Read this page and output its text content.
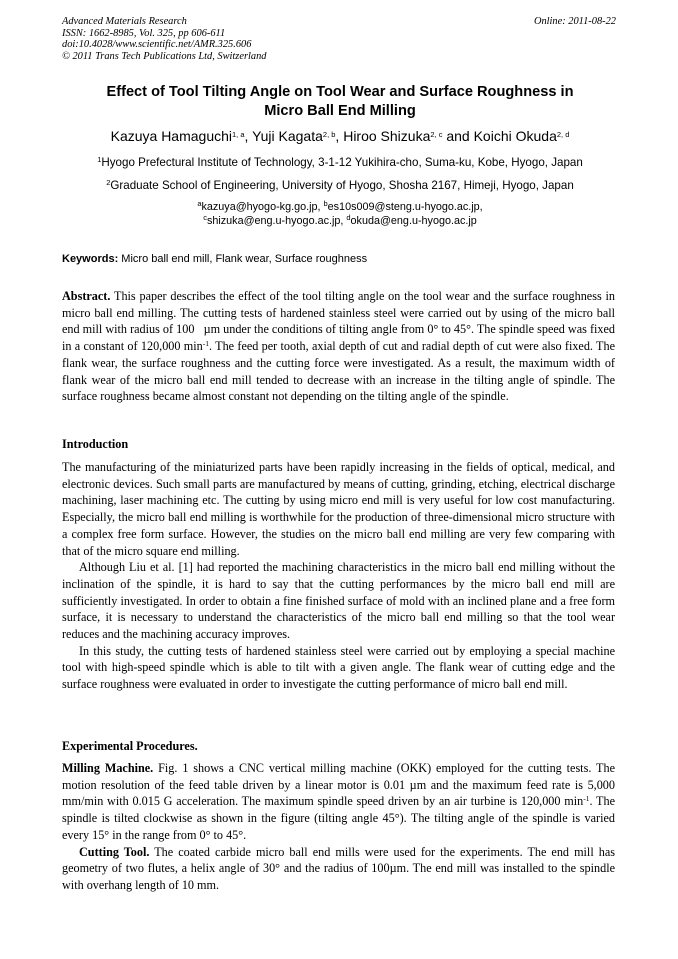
Advanced Materials Research
ISSN: 1662-8985, Vol. 325, pp 606-611
doi:10.4028/www.scientific.net/AMR.325.606
© 2011 Trans Tech Publications Ltd, Switzerland
Online: 2011-08-22
Effect of Tool Tilting Angle on Tool Wear and Surface Roughness in
Micro Ball End Milling
Kazuya Hamaguchi$^{1, a}$, Yuji Kagata$^{2, b}$, Hiroo Shizuka$^{2, c}$ and Koichi Okuda$^{2, d}$
$^1$Hyogo Prefectural Institute of Technology, 3-1-12 Yukihira-cho, Suma-ku, Kobe, Hyogo, Japan
$^2$Graduate School of Engineering, University of Hyogo, Shosha 2167, Himeji, Hyogo, Japan
$^a$kazuya@hyogo-kg.go.jp, $^b$es10s009@steng.u-hyogo.ac.jp,
$^c$shizuka@eng.u-hyogo.ac.jp, $^d$okuda@eng.u-hyogo.ac.jp
Keywords: Micro ball end mill, Flank wear, Surface roughness

Abstract. This paper describes the effect of the tool tilting angle on the tool wear and the surface roughness in micro ball end milling. The cutting tests of hardened stainless steel were carried out by using of the micro ball end mill with radius of 100   µm under the conditions of tilting angle from 0° to 45°. The spindle speed was fixed in a constant of 120,000 $\min^{-1}$. The feed per tooth, axial depth of cut and radial depth of cut were also fixed. The flank wear, the surface roughness and the cutting force were investigated. As a result, the maximum width of flank wear of the micro ball end mill tended to decrease with an increase in the tilting angle of spindle. The surface roughness became almost constant not depending on the tilting angle of the spindle.

Introduction

The manufacturing of the miniaturized parts have been rapidly increasing in the fields of optical, medical, and electronic devices. Such small parts are manufactured by means of cutting, grinding, etching, electrical discharge machining, laser machining etc. The cutting by using micro end mill is very useful for low cost manufacturing. Especially, the micro ball end milling is worthwhile for the production of three-dimensional micro structure with a complex free form surface. However, the studies on the micro ball end milling are very few comparing with that of the micro square end milling.

Although Liu et al. [1] had reported the machining characteristics in the micro ball end milling without the inclination of the spindle, it is hard to say that the cutting performances by the micro ball end mill are sufficiently investigated. In order to obtain a fine finished surface of mold with an inclined plane and a free form surface, it is necessary to understand the characteristics of the micro ball end milling so that the tool wear reduces and the machining accuracy improves.

In this study, the cutting tests of hardened stainless steel were carried out by employing a special machine tool with high-speed spindle which is able to tilt with a given angle. The flank wear of cutting edge and the surface roughness were evaluated in order to investigate the cutting performance of micro ball end mill.

Experimental Procedures.

Milling Machine. Fig. 1 shows a CNC vertical milling machine (OKK) employed for the cutting tests. The motion resolution of the feed table driven by a linear motor is 0.01 µm and the maximum feed rate is 5,000 mm/min with 0.015 G acceleration. The maximum spindle speed driven by an air turbine is 120,000 $\min^{-1}$. The spindle is tilted clockwise as shown in the figure (tilting angle 45°). The tilting angle of the spindle is varied every 15° in the range from 0° to 45°.

Cutting Tool. The coated carbide micro ball end mills were used for the experiments. The end mill has geometry of two flutes, a helix angle of 30° and the radius of 100µm. The end mill was installed to the spindle with overhang length of 10 mm.
